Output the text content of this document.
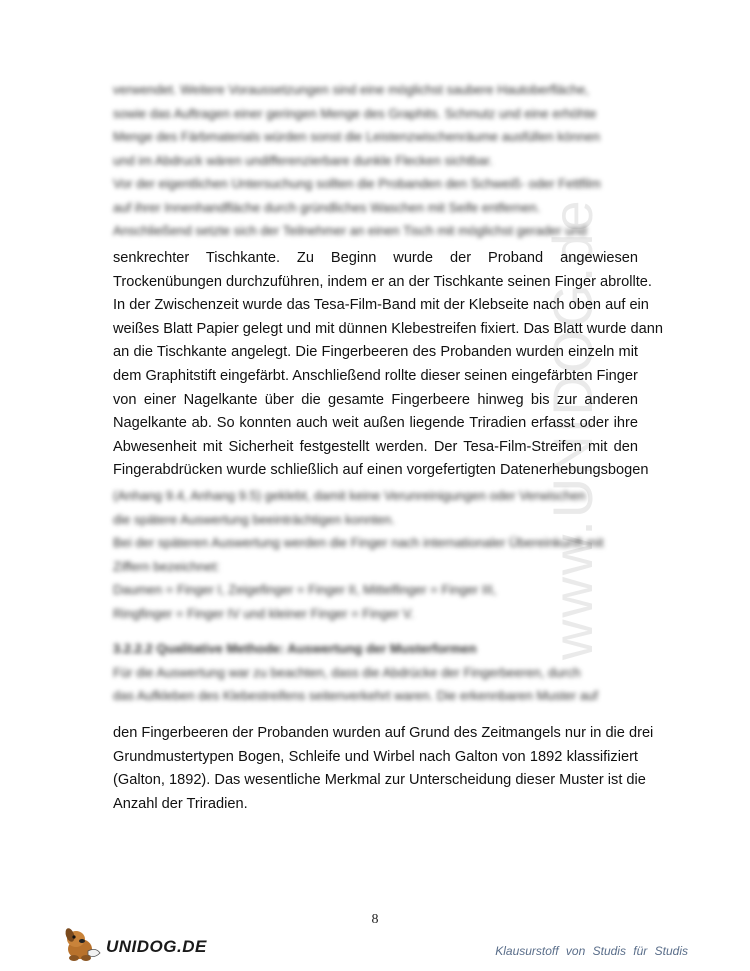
www.UNIDOG.de

verwendet. Weitere Voraussetzungen sind eine möglichst saubere Hautoberfläche,

sowie das Auftragen einer geringen Menge des Graphits. Schmutz und eine erhöhte

Menge des Färbmaterials würden sonst die Leistenzwischenräume ausfüllen können

und im Abdruck wären undifferenzierbare dunkle Flecken sichtbar.

Vor der eigentlichen Untersuchung sollten die Probanden den Schweiß- oder Fettfilm

auf ihrer Innenhandfläche durch gründliches Waschen mit Seife entfernen.

Anschließend setzte sich der Teilnehmer an einen Tisch mit möglichst gerader und

senkrechter Tischkante. Zu Beginn wurde der Proband angewiesen
Trockenübungen durchzuführen, indem er an der Tischkante seinen Finger abrollte.
In der Zwischenzeit wurde das Tesa-Film-Band mit der Klebseite nach oben auf ein
weißes Blatt Papier gelegt und mit dünnen Klebestreifen fixiert. Das Blatt wurde dann
an die Tischkante angelegt. Die Fingerbeeren des Probanden wurden einzeln mit
dem Graphitstift eingefärbt. Anschließend rollte dieser seinen eingefärbten Finger
von einer Nagelkante über die gesamte Fingerbeere hinweg bis zur anderen
Nagelkante ab. So konnten auch weit außen liegende Triradien erfasst oder ihre
Abwesenheit mit Sicherheit festgestellt werden. Der Tesa-Film-Streifen mit den
Fingerabdrücken wurde schließlich auf einen vorgefertigten Datenerhebungsbogen

(Anhang 9.4, Anhang 9.5) geklebt, damit keine Verunreinigungen oder Verwischen

die spätere Auswertung beeinträchtigen konnten.

Bei der späteren Auswertung werden die Finger nach internationaler Übereinkunft mit

Ziffern bezeichnet:

Daumen = Finger I, Zeigefinger = Finger II, Mittelfinger = Finger III,

Ringfinger = Finger IV und kleiner Finger = Finger V.

3.2.2.2 Qualitative Methode: Auswertung der Musterformen

Für die Auswertung war zu beachten, dass die Abdrücke der Fingerbeeren, durch

das Aufkleben des Klebestreifens seitenverkehrt waren. Die erkennbaren Muster auf

den Fingerbeeren der Probanden wurden auf Grund des Zeitmangels nur in die drei
Grundmustertypen Bogen, Schleife und Wirbel nach Galton von 1892 klassifiziert
(Galton, 1892). Das wesentliche Merkmal zur Unterscheidung dieser Muster ist die
Anzahl der Triradien.
8
UNIDOG.DE	Klausurstoff von Studis für Studis
